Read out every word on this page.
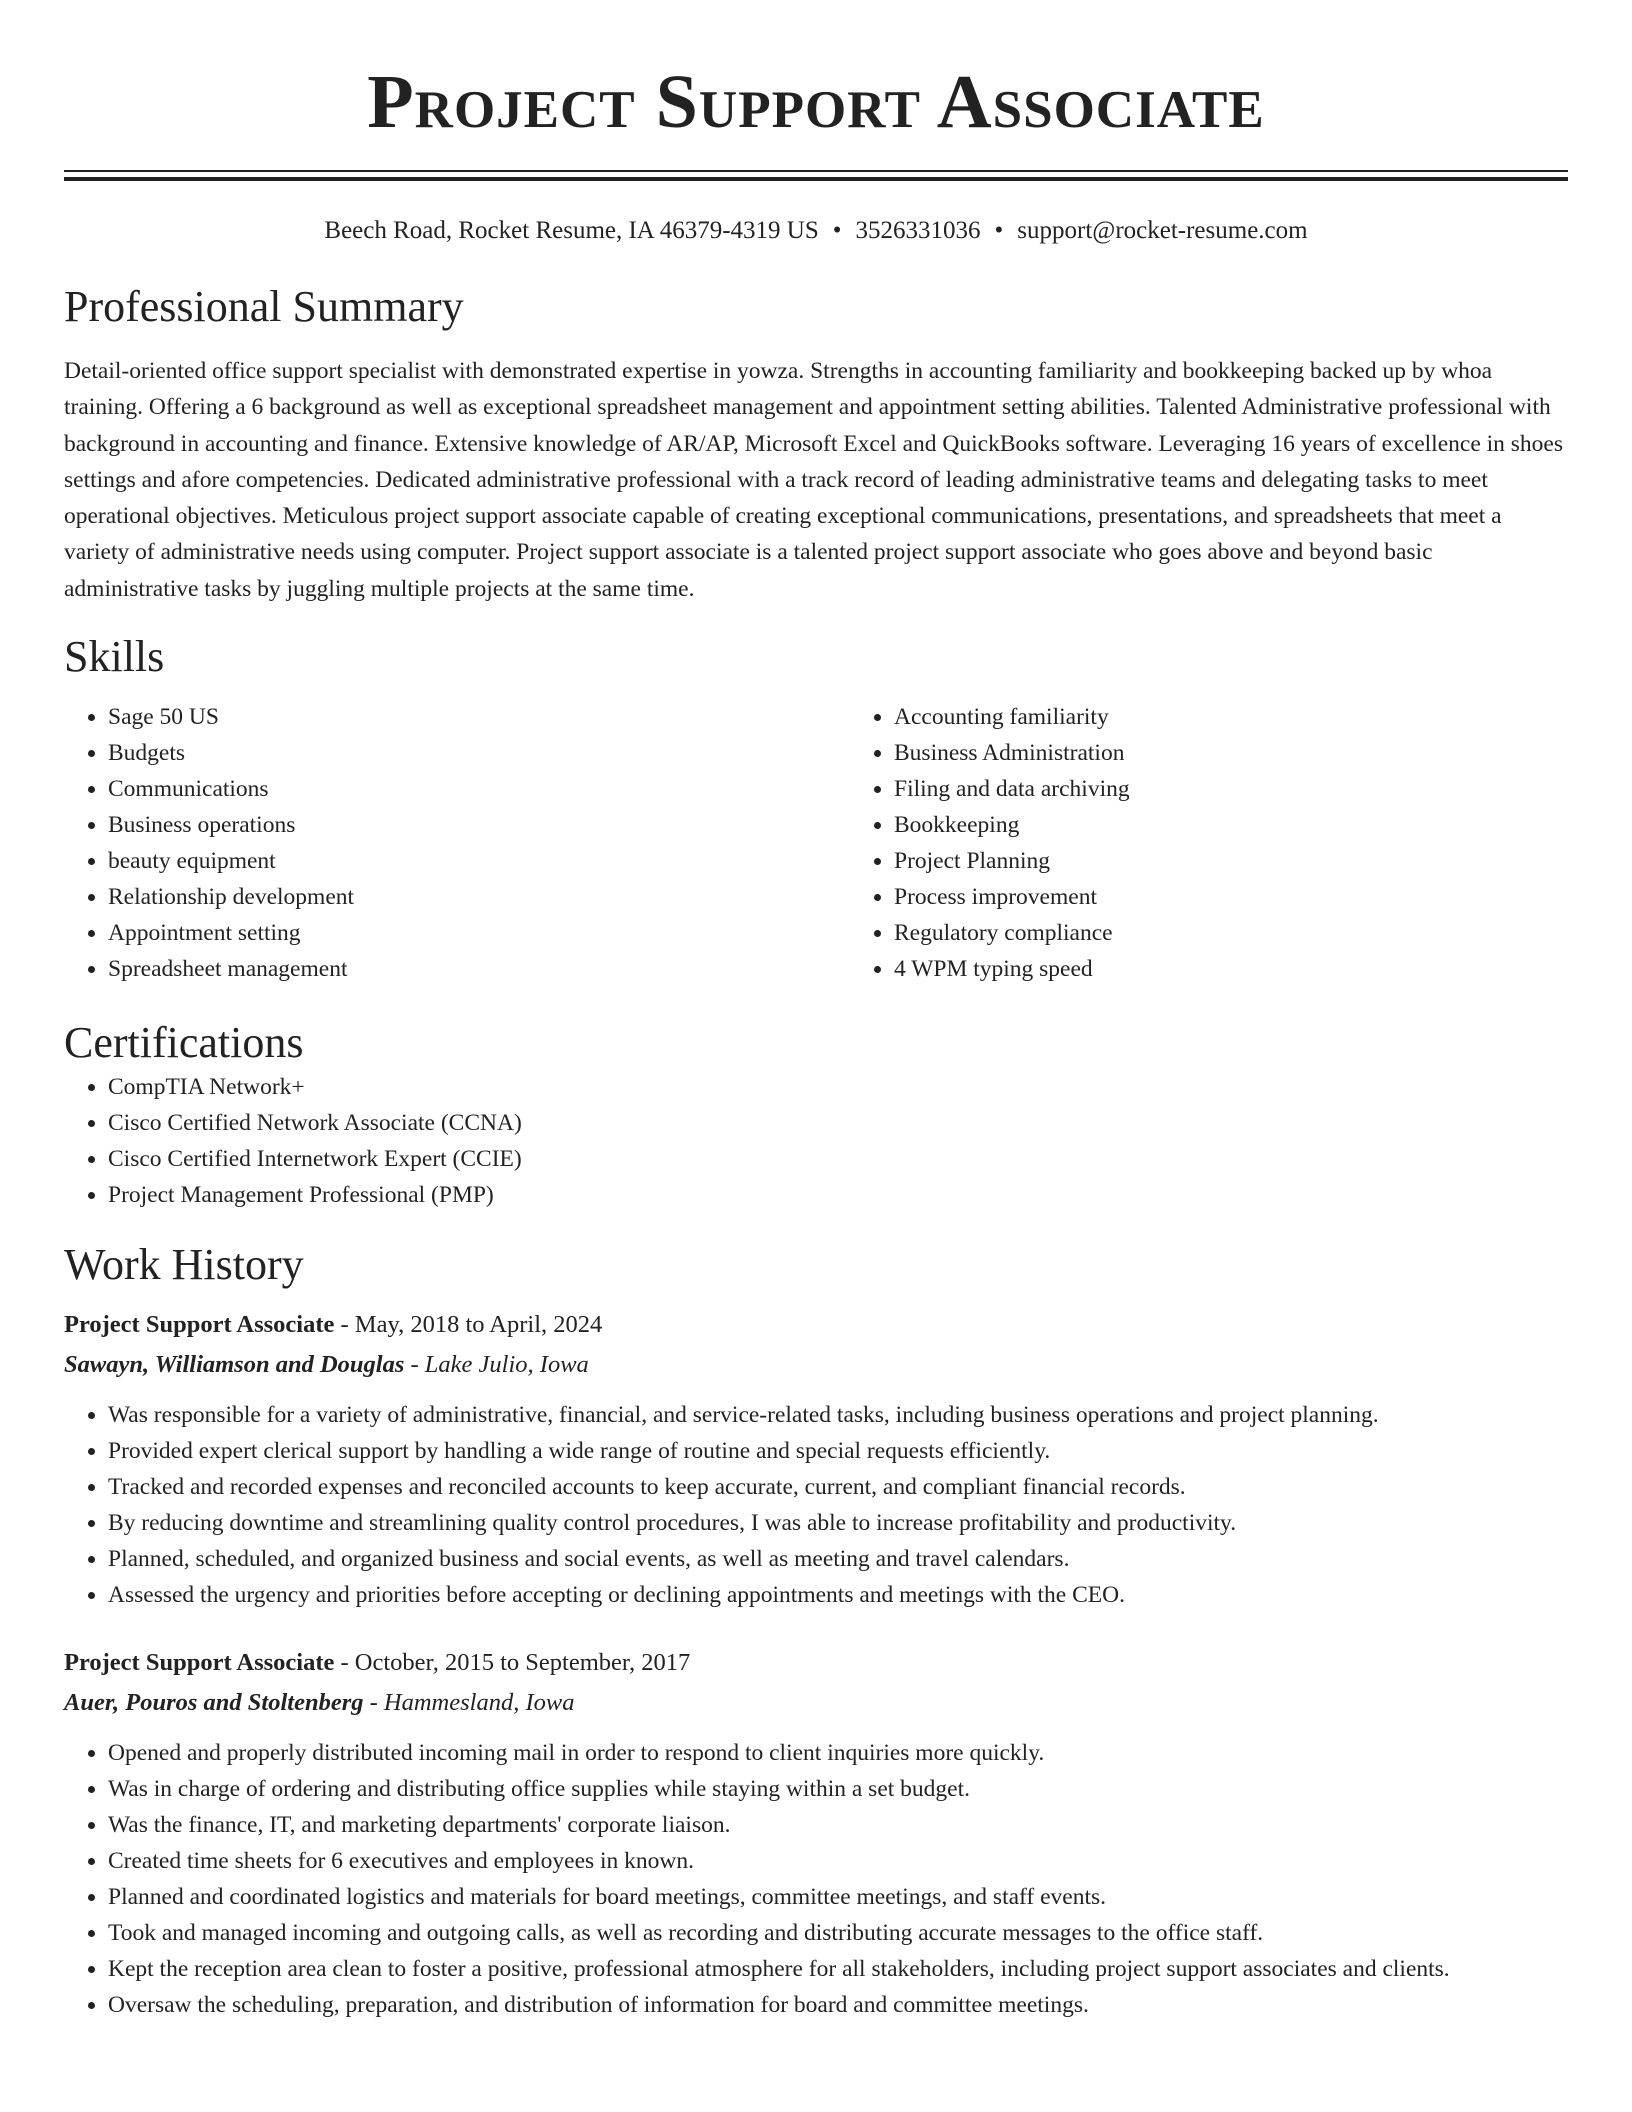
Project Support Associate
Beech Road, Rocket Resume, IA 46379-4319 US • 3526331036 • support@rocket-resume.com
Professional Summary

Detail-oriented office support specialist with demonstrated expertise in yowza. Strengths in accounting familiarity and bookkeeping backed up by whoa training. Offering a 6 background as well as exceptional spreadsheet management and appointment setting abilities. Talented Administrative professional with background in accounting and finance. Extensive knowledge of AR/AP, Microsoft Excel and QuickBooks software. Leveraging 16 years of excellence in shoes settings and afore competencies. Dedicated administrative professional with a track record of leading administrative teams and delegating tasks to meet operational objectives. Meticulous project support associate capable of creating exceptional communications, presentations, and spreadsheets that meet a variety of administrative needs using computer. Project support associate is a talented project support associate who goes above and beyond basic administrative tasks by juggling multiple projects at the same time.

Skills
• Sage 50 US
• Budgets
• Communications
• Business operations
• beauty equipment
• Relationship development
• Appointment setting
• Spreadsheet management
• Accounting familiarity
• Business Administration
• Filing and data archiving
• Bookkeeping
• Project Planning
• Process improvement
• Regulatory compliance
• 4 WPM typing speed
Certifications
• CompTIA Network+
• Cisco Certified Network Associate (CCNA)
• Cisco Certified Internetwork Expert (CCIE)
• Project Management Professional (PMP)
Work History
Project Support Associate - May, 2018 to April, 2024
Sawayn, Williamson and Douglas - Lake Julio, Iowa
• Was responsible for a variety of administrative, financial, and service-related tasks, including business operations and project planning.
• Provided expert clerical support by handling a wide range of routine and special requests efficiently.
• Tracked and recorded expenses and reconciled accounts to keep accurate, current, and compliant financial records.
• By reducing downtime and streamlining quality control procedures, I was able to increase profitability and productivity.
• Planned, scheduled, and organized business and social events, as well as meeting and travel calendars.
• Assessed the urgency and priorities before accepting or declining appointments and meetings with the CEO.
Project Support Associate - October, 2015 to September, 2017
Auer, Pouros and Stoltenberg - Hammesland, Iowa
• Opened and properly distributed incoming mail in order to respond to client inquiries more quickly.
• Was in charge of ordering and distributing office supplies while staying within a set budget.
• Was the finance, IT, and marketing departments' corporate liaison.
• Created time sheets for 6 executives and employees in known.
• Planned and coordinated logistics and materials for board meetings, committee meetings, and staff events.
• Took and managed incoming and outgoing calls, as well as recording and distributing accurate messages to the office staff.
• Kept the reception area clean to foster a positive, professional atmosphere for all stakeholders, including project support associates and clients.
• Oversaw the scheduling, preparation, and distribution of information for board and committee meetings.
